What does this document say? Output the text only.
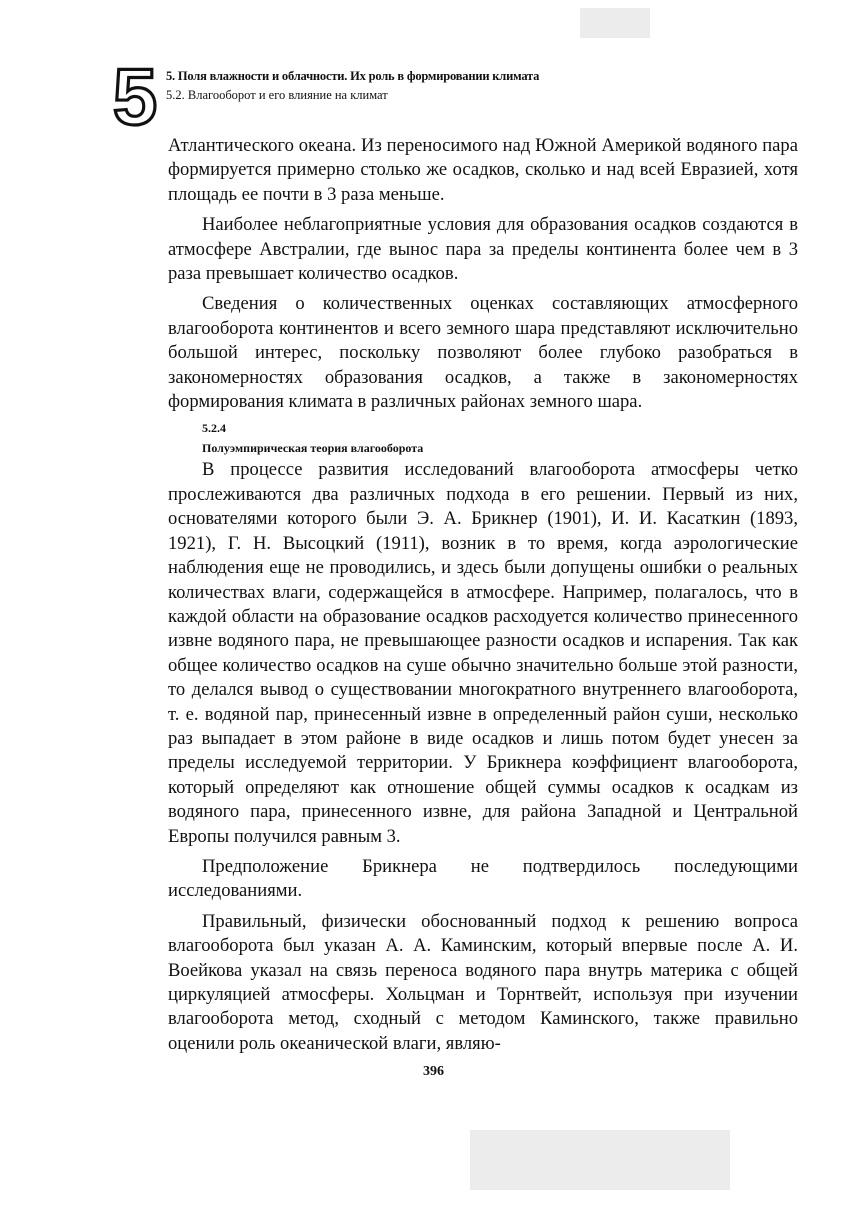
5 5. Поля влажности и облачности. Их роль в формировании климата
5.2. Влагооборот и его влияние на климат

Атлантического океана. Из переносимого над Южной Америкой водяного пара формируется примерно столько же осадков, сколько и над всей Евразией, хотя площадь ее почти в 3 раза меньше.

Наиболее неблагоприятные условия для образования осадков создаются в атмосфере Австралии, где вынос пара за пределы континента более чем в 3 раза превышает количество осадков.

Сведения о количественных оценках составляющих атмосферного влагооборота континентов и всего земного шара представляют исключительно большой интерес, поскольку позволяют более глубоко разобраться в закономерностях образования осадков, а также в закономерностях формирования климата в различных районах земного шара.

5.2.4
Полуэмпирическая теория влагооборота

В процессе развития исследований влагооборота атмосферы четко прослеживаются два различных подхода в его решении. Первый из них, основателями которого были Э. А. Брикнер (1901), И. И. Касаткин (1893, 1921), Г. Н. Высоцкий (1911), возник в то время, когда аэрологические наблюдения еще не проводились, и здесь были допущены ошибки о реальных количествах влаги, содержащейся в атмосфере. Например, полагалось, что в каждой области на образование осадков расходуется количество принесенного извне водяного пара, не превышающее разности осадков и испарения. Так как общее количество осадков на суше обычно значительно больше этой разности, то делался вывод о существовании многократного внутреннего влагооборота, т. е. водяной пар, принесенный извне в определенный район суши, несколько раз выпадает в этом районе в виде осадков и лишь потом будет унесен за пределы исследуемой территории. У Брикнера коэффициент влагооборота, который определяют как отношение общей суммы осадков к осадкам из водяного пара, принесенного извне, для района Западной и Центральной Европы получился равным 3.

Предположение Брикнера не подтвердилось последующими исследованиями.

Правильный, физически обоснованный подход к решению вопроса влагооборота был указан А. А. Каминским, который впервые после А. И. Воейкова указал на связь переноса водяного пара внутрь материка с общей циркуляцией атмосферы. Хольцман и Торнтвейт, используя при изучении влагооборота метод, сходный с методом Каминского, также правильно оценили роль океанической влаги, являю-

396
